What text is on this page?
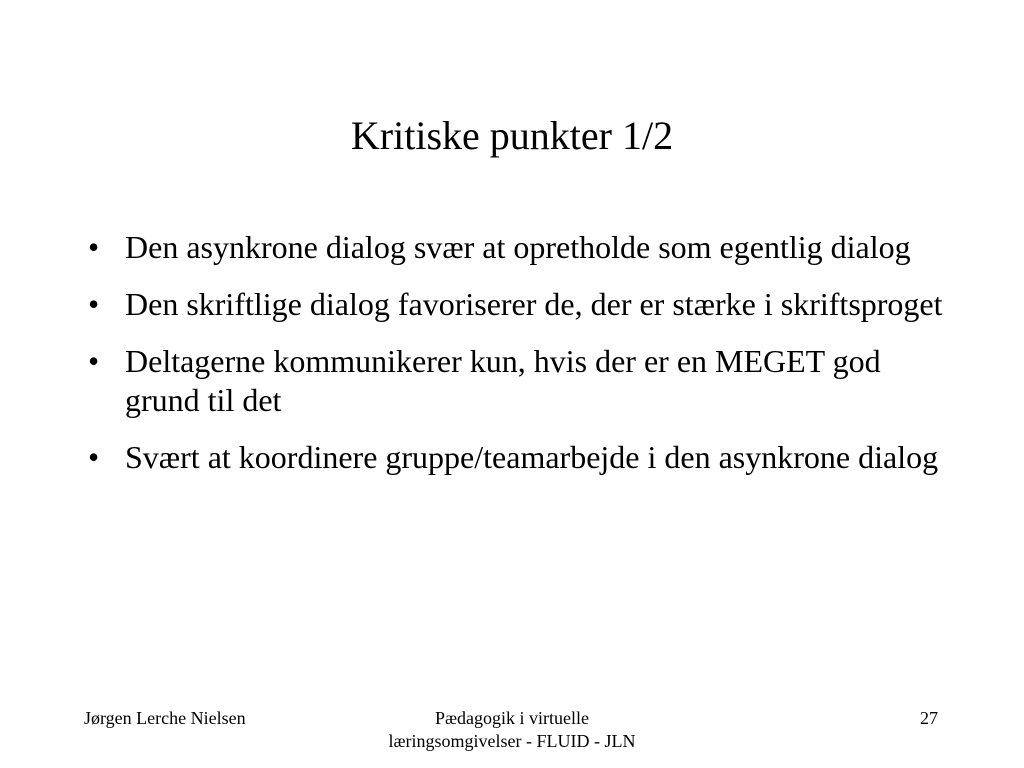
Kritiske punkter 1/2
• Den asynkrone dialog svær at opretholde som egentlig dialog
• Den skriftlige dialog favoriserer de, der er stærke i skriftsproget
• Deltagerne kommunikerer kun, hvis der er en MEGET god grund til det
• Svært at koordinere gruppe/teamarbejde i den asynkrone dialog
Jørgen Lerche Nielsen	Pædagogik i virtuelle
læringsomgivelser - FLUID - JLN
27
